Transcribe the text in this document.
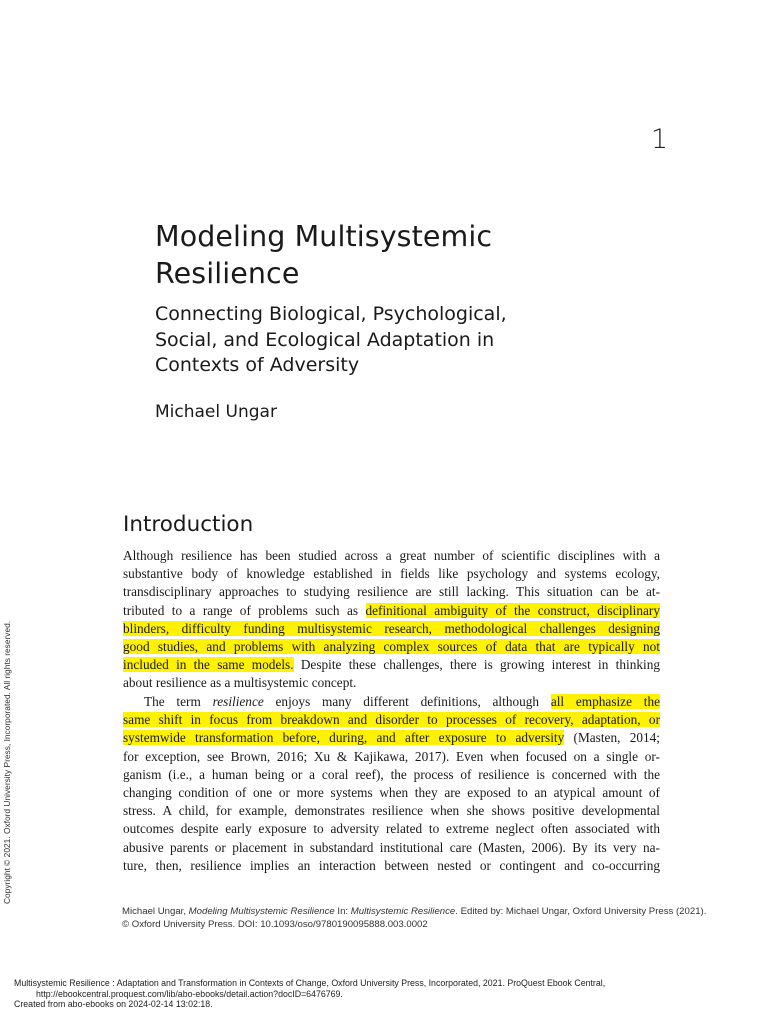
1
Modeling Multisystemic
Resilience
Connecting Biological, Psychological,
Social, and Ecological Adaptation in
Contexts of Adversity
Michael Ungar
Introduction
Although resilience has been studied across a great number of scientific disciplines with a
substantive body of knowledge established in fields like psychology and systems ecology,
transdisciplinary approaches to studying resilience are still lacking. This situation can be at-
tributed to a range of problems such as definitional ambiguity of the construct, disciplinary
blinders, difficulty funding multisystemic research, methodological challenges designing
good studies, and problems with analyzing complex sources of data that are typically not
included in the same models. Despite these challenges, there is growing interest in thinking
about resilience as a multisystemic concept.
The term resilience enjoys many different definitions, although all emphasize the
same shift in focus from breakdown and disorder to processes of recovery, adaptation, or
systemwide transformation before, during, and after exposure to adversity (Masten, 2014;
for exception, see Brown, 2016; Xu & Kajikawa, 2017). Even when focused on a single or-
ganism (i.e., a human being or a coral reef), the process of resilience is concerned with the
changing condition of one or more systems when they are exposed to an atypical amount of
stress. A child, for example, demonstrates resilience when she shows positive developmental
outcomes despite early exposure to adversity related to extreme neglect often associated with
abusive parents or placement in substandard institutional care (Masten, 2006). By its very na-
ture, then, resilience implies an interaction between nested or contingent and co-occurring
Michael Ungar, Modeling Multisystemic Resilience In: Multisystemic Resilience. Edited by: Michael Ungar, Oxford University Press (2021).
© Oxford University Press. DOI: 10.1093/oso/9780190095888.003.0002
Copyright © 2021. Oxford University Press, Incorporated. All rights reserved.
Multisystemic Resilience : Adaptation and Transformation in Contexts of Change, Oxford University Press, Incorporated, 2021. ProQuest Ebook Central,
http://ebookcentral.proquest.com/lib/abo-ebooks/detail.action?docID=6476769.
Created from abo-ebooks on 2024-02-14 13:02:18.
